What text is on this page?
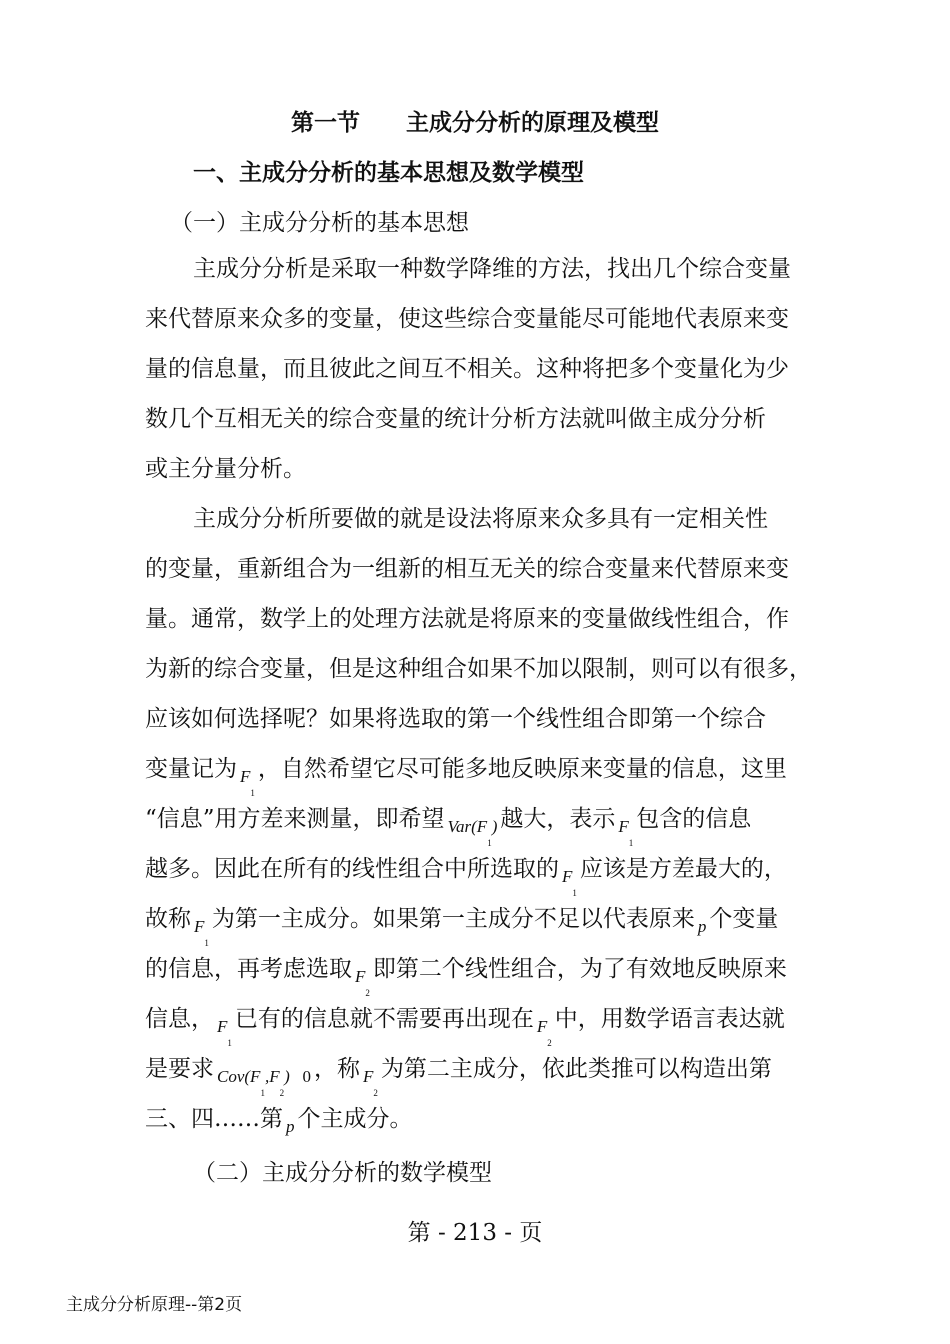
第一节 主成分分析的原理及模型
一、主成分分析的基本思想及数学模型
（一）主成分分析的基本思想
主成分分析是采取一种数学降维的方法，找出几个综合变量
来代替原来众多的变量，使这些综合变量能尽可能地代表原来变
量的信息量，而且彼此之间互不相关。这种将把多个变量化为少
数几个互相无关的综合变量的统计分析方法就叫做主成分分析
或主分量分析。
主成分分析所要做的就是设法将原来众多具有一定相关性
的变量，重新组合为一组新的相互无关的综合变量来代替原来变
量。通常，数学上的处理方法就是将原来的变量做线性组合，作
为新的综合变量，但是这种组合如果不加以限制，则可以有很多，
应该如何选择呢？如果将选取的第一个线性组合即第一个综合
变量记为 $_{F_1}$，自然希望它尽可能多地反映原来变量的信息，这里
“信息”用方差来测量，即希望 $_{Var(F_1)}$ 越大，表示 $_{F_1}$包含的信息
越多。因此在所有的线性组合中所选取的 $_{F_1}$应该是方差最大的，
故称 $_{F_1}$为第一主成分。如果第一主成分不足以代表原来 $_p$ 个变量
的信息，再考虑选取 $_{F_2}$即第二个线性组合，为了有效地反映原来
信息， $_{F_1}$已有的信息就不需要再出现在 $_{F_2}$中，用数学语言表达就
是要求 $_{Cov(F_1,F_2) 0}$ ，称 $_{F_2}$为第二主成分，依此类推可以构造出第
三、四……第 $_p$ 个主成分。
（二）主成分分析的数学模型
第 - 213 - 页
主成分分析原理--第2页
